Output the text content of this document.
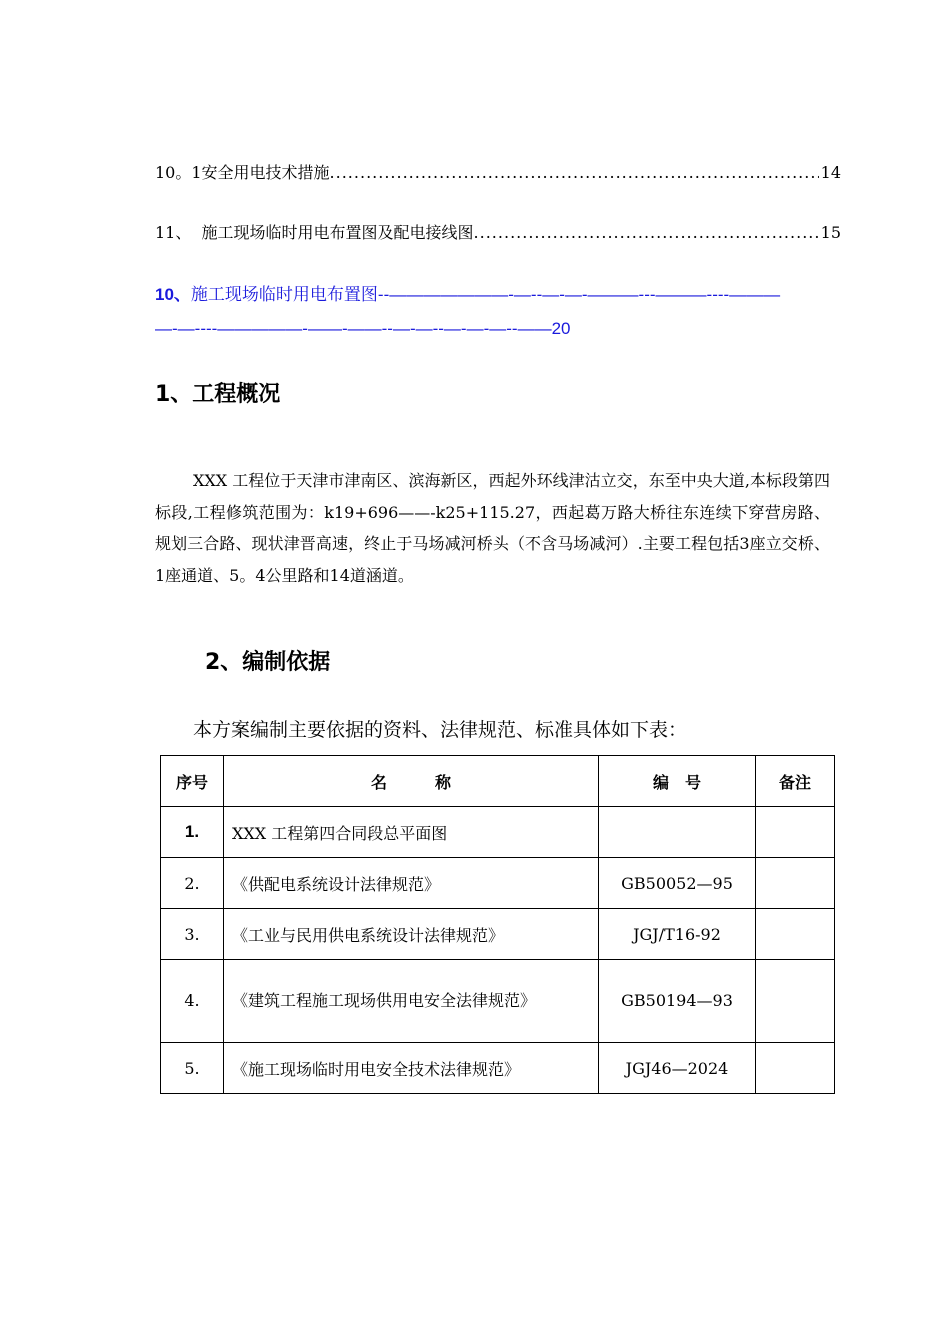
10。1安全用电技术措施 .....	14
11、  施工现场临时用电布置图及配电接线图 .....	15
10、施工现场临时用电布置图--———————-—--—-—-———---———----———
—-—----—————-——-——--—-—--—-—-—--——20
1、工程概况
XXX 工程位于天津市津南区、滨海新区，西起外环线津沽立交，东至中央大道,本标段第四标段,工程修筑范围为：k19+696——-k25+115.27，西起葛万路大桥往东连续下穿营房路、规划三合路、现状津晋高速，终止于马场减河桥头（不含马场减河）.主要工程包括3座立交桥、1座通道、5。4公里路和14道涵道。
2、编制依据
本方案编制主要依据的资料、法律规范、标准具体如下表：
序号	名　　　称	编　号	备注
1.	XXX 工程第四合同段总平面图		
2.	《供配电系统设计法律规范》	GB50052—95	
3.	《工业与民用供电系统设计法律规范》	JGJ/T16-92	
4.	《建筑工程施工现场供用电安全法律规范》	GB50194—93	
5.	《施工现场临时用电安全技术法律规范》	JGJ46—2024	
